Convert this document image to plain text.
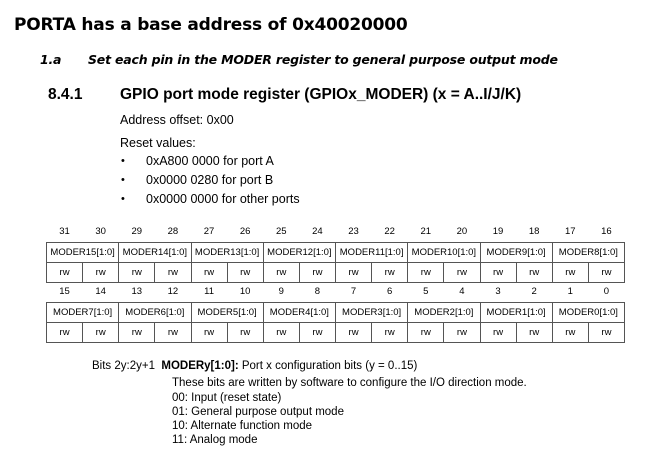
PORTA has a base address of 0x40020000
1.a Set each pin in the MODER register to general purpose output mode
8.4.1 GPIO port mode register (GPIOx_MODER) (x = A..I/J/K)
Address offset: 0x00
Reset values:
• 0xA800 0000 for port A
• 0x0000 0280 for port B
• 0x0000 0000 for other ports
31	30	29	28	27	26	25	24	23	22	21	20	19	18	17	16
MODER15[1:0]		MODER14[1:0]		MODER13[1:0]		MODER12[1:0]		MODER11[1:0]		MODER10[1:0]		MODER9[1:0]		MODER8[1:0]	
rw	rw	rw	rw	rw	rw	rw	rw	rw	rw	rw	rw	rw	rw	rw	rw
15	14	13	12	11	10	9	8	7	6	5	4	3	2	1	0
MODER7[1:0]		MODER6[1:0]		MODER5[1:0]		MODER4[1:0]		MODER3[1:0]		MODER2[1:0]		MODER1[1:0]		MODER0[1:0]	
rw	rw	rw	rw	rw	rw	rw	rw	rw	rw	rw	rw	rw	rw	rw	rw
Bits 2y:2y+1 MODERy[1:0]: Port x configuration bits (y = 0..15)
These bits are written by software to configure the I/O direction mode.
00: Input (reset state)
01: General purpose output mode
10: Alternate function mode
11: Analog mode
